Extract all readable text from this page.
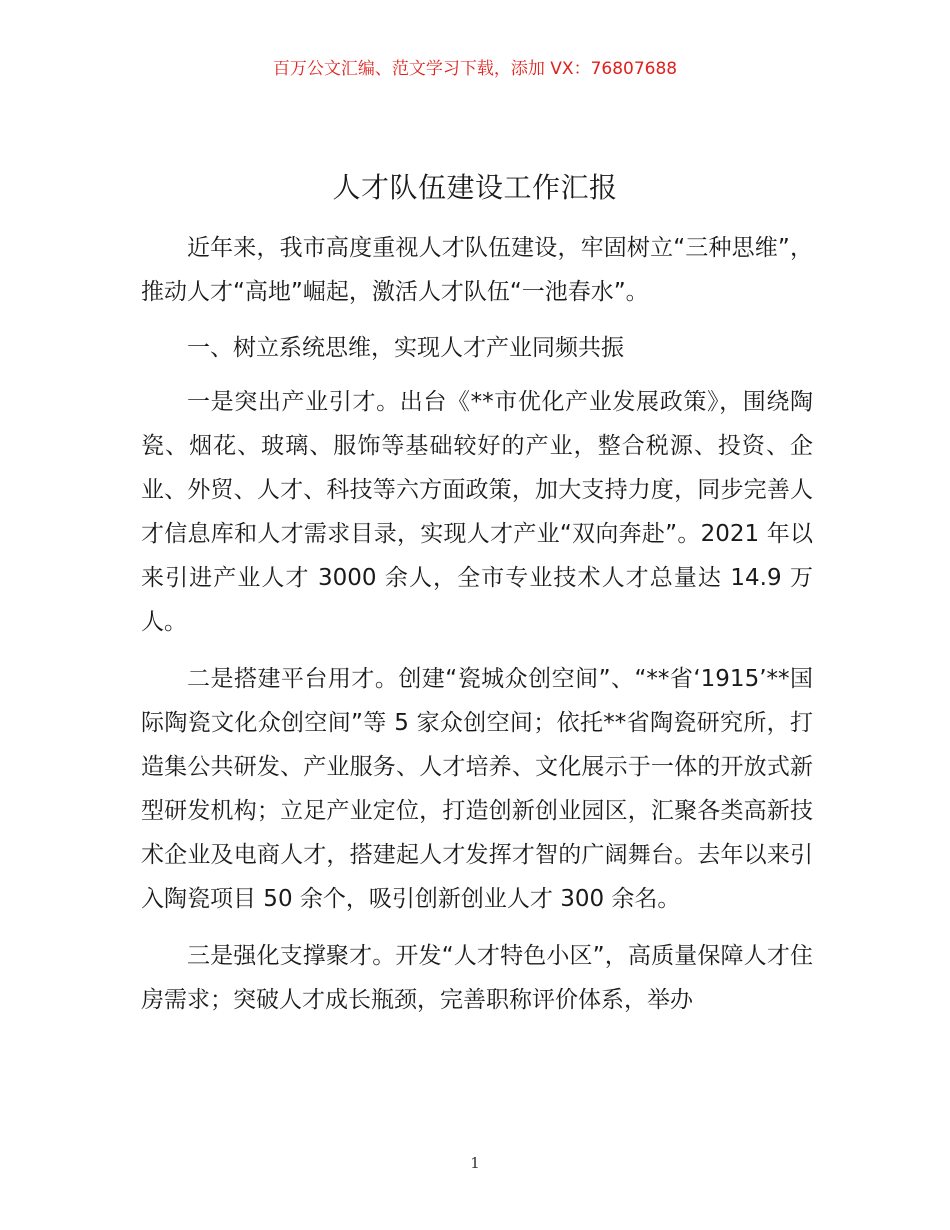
百万公文汇编、范文学习下载，添加 VX：76807688
人才队伍建设工作汇报

近年来，我市高度重视人才队伍建设，牢固树立“三种思维”，推动人才“高地”崛起，激活人才队伍“一池春水”。

一、树立系统思维，实现人才产业同频共振

一是突出产业引才。出台《**市优化产业发展政策》，围绕陶瓷、烟花、玻璃、服饰等基础较好的产业，整合税源、投资、企业、外贸、人才、科技等六方面政策，加大支持力度，同步完善人才信息库和人才需求目录，实现人才产业“双向奔赴”。2021 年以来引进产业人才 3000 余人，全市专业技术人才总量达 14.9 万人。

二是搭建平台用才。创建“瓷城众创空间”、“**省‘1915’**国际陶瓷文化众创空间”等 5 家众创空间；依托**省陶瓷研究所，打造集公共研发、产业服务、人才培养、文化展示于一体的开放式新型研发机构；立足产业定位，打造创新创业园区，汇聚各类高新技术企业及电商人才，搭建起人才发挥才智的广阔舞台。去年以来引入陶瓷项目 50 余个，吸引创新创业人才 300 余名。

三是强化支撑聚才。开发“人才特色小区”，高质量保障人才住房需求；突破人才成长瓶颈，完善职称评价体系，举办

1
